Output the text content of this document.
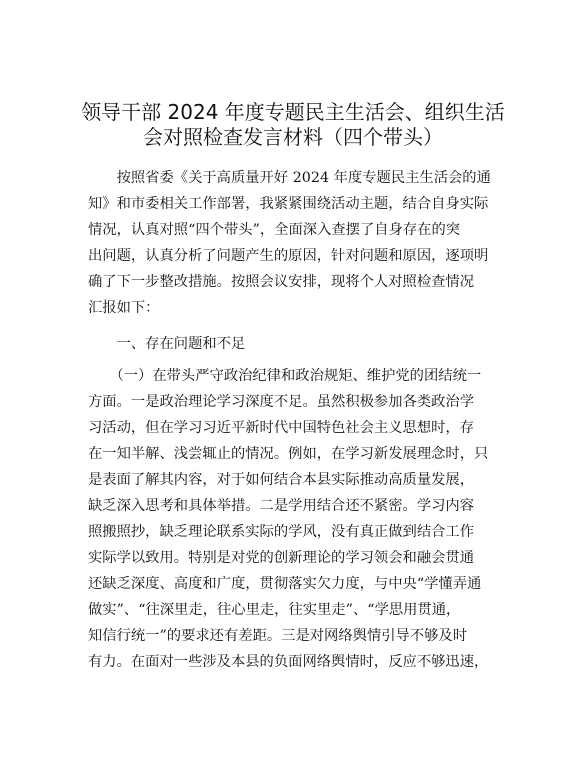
领导干部 2024 年度专题民主生活会、组织生活
会对照检查发言材料（四个带头）
　　按照省委《关于高质量开好 2024 年度专题民主生活会的通
知》和市委相关工作部署，我紧紧围绕活动主题，结合自身实际
情况，认真对照“四个带头”，全面深入查摆了自身存在的突
出问题，认真分析了问题产生的原因，针对问题和原因，逐项明
确了下一步整改措施。按照会议安排，现将个人对照检查情况
汇报如下：
　　一、存在问题和不足
　　（一）在带头严守政治纪律和政治规矩、维护党的团结统一
方面。一是政治理论学习深度不足。虽然积极参加各类政治学
习活动，但在学习习近平新时代中国特色社会主义思想时，存
在一知半解、浅尝辄止的情况。例如，在学习新发展理念时，只
是表面了解其内容，对于如何结合本县实际推动高质量发展，
缺乏深入思考和具体举措。二是学用结合还不紧密。学习内容
照搬照抄，缺乏理论联系实际的学风，没有真正做到结合工作
实际学以致用。特别是对党的创新理论的学习领会和融会贯通
还缺乏深度、高度和广度，贯彻落实欠力度，与中央“学懂弄通
做实”、“往深里走，往心里走，往实里走”、“学思用贯通，
知信行统一”的要求还有差距。三是对网络舆情引导不够及时
有力。在面对一些涉及本县的负面网络舆情时，反应不够迅速，
